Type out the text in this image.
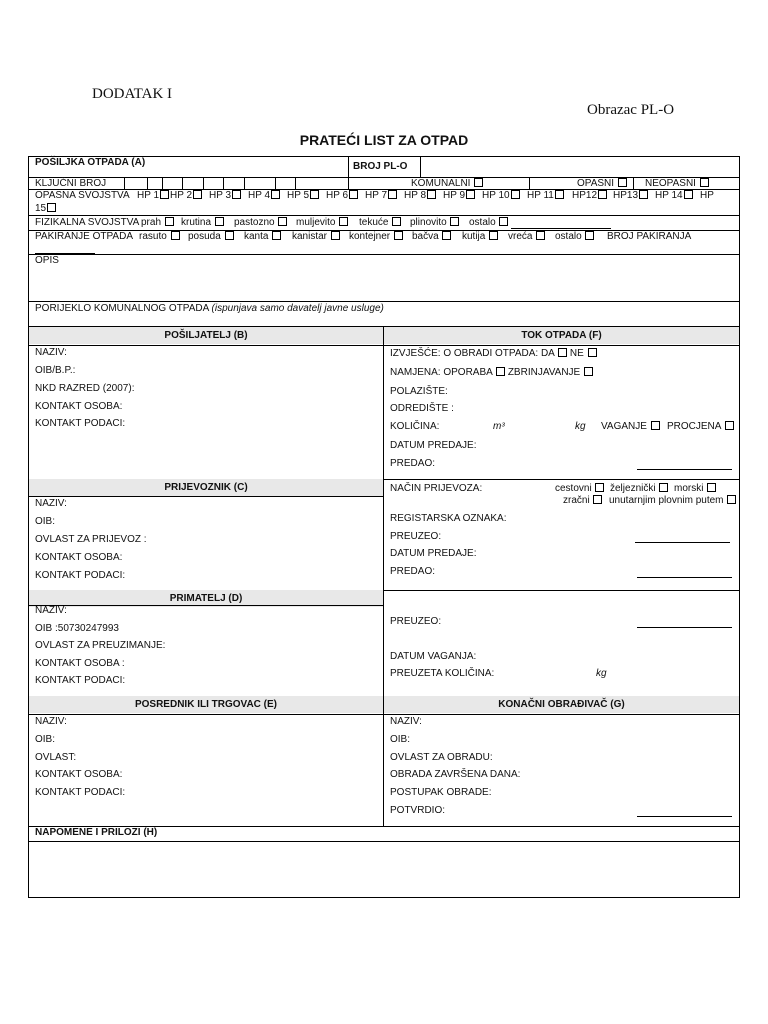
DODATAK I
Obrazac PL-O
PRATEĆI LIST ZA OTPAD
POŠILJKA OTPADA (A)	BROJ PL-O
KLJUČNI BROJ	KOMUNALNI	OPASNI	NEOPASNI
OPASNA SVOJSTVA HP 1	HP 2	HP 3	HP 4	HP 5	HP 6	HP 7	HP 8	HP 9	HP 10	HP 11	HP12	HP13	HP 14	HP
15
FIZIKALNA SVOJSTVA prah	krutina	pastozno	muljevito	tekuće	plinovito	ostalo
PAKIRANJE OTPADA rasuto	posuda	kanta	kanistar	kontejner	bačva	kutija	vreća	ostalo	BROJ PAKIRANJA
OPIS
PORIJEKLO KOMUNALNOG OTPADA (ispunjava samo davatelj javne usluge)
POŠILJATELJ (B)	TOK OTPADA (F)
NAZIV:
OIB/B.P.:
NKD RAZRED (2007):
KONTAKT OSOBA:
KONTAKT PODACI:
IZVJEŠĆE: O OBRADI OTPADA: DA NE
NAMJENA: OPORABA ZBRINJAVANJE
POLAZIŠTE:
ODREDIŠTE :
KOLIČINA:	m³	kg VAGANJE	PROCJENA
DATUM PREDAJE:
PREDAO:
PRIJEVOZNIK (C)
NAZIV:
OIB:
OVLAST ZA PRIJEVOZ :
KONTAKT OSOBA:
KONTAKT PODACI:
NAČIN PRIJEVOZA:	cestovni	željeznički	morski
zračni	unutarnjim plovnim putem
REGISTARSKA OZNAKA:
PREUZEO:
DATUM PREDAJE:
PREDAO:
PRIMATELJ (D)
NAZIV:
OIB :50730247993
OVLAST ZA PREUZIMANJE:
KONTAKT OSOBA :
KONTAKT PODACI:
PREUZEO:
DATUM VAGANJA:
PREUZETA KOLIČINA:	kg
POSREDNIK ILI TRGOVAC (E)	KONAČNI OBRAĐIVAČ (G)
NAZIV:
OIB:
OVLAST:
KONTAKT OSOBA:
KONTAKT PODACI:
NAZIV:
OIB:
OVLAST ZA OBRADU:
OBRADA ZAVRŠENA DANA:
POSTUPAK OBRADE:
POTVRDIO:
NAPOMENE I PRILOZI (H)
